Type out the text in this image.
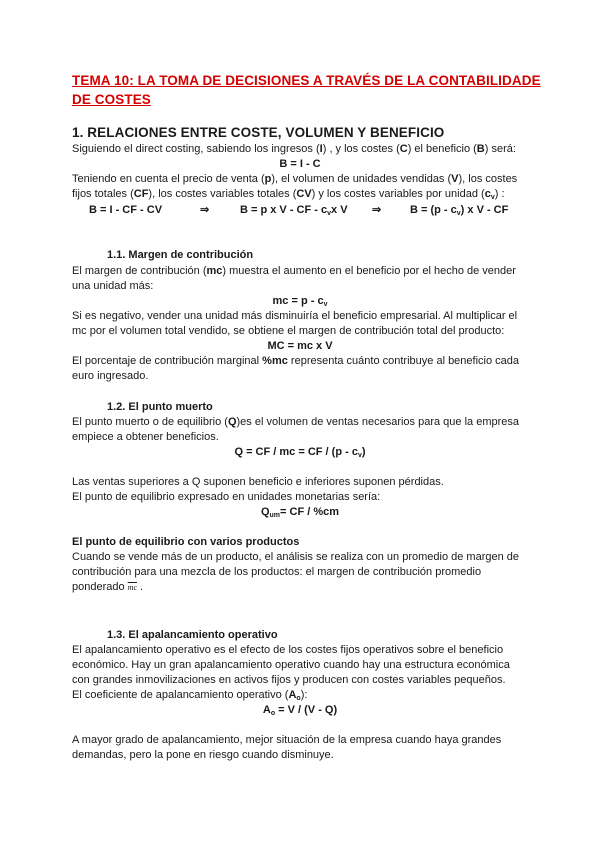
TEMA 10: LA TOMA DE DECISIONES A TRAVÉS DE LA CONTABILIDADE
DE COSTES
1. RELACIONES ENTRE COSTE, VOLUMEN Y BENEFICIO
Siguiendo el direct costing, sabiendo los ingresos (I) , y los costes (C) el beneficio (B) será:
B = I - C
Teniendo en cuenta el precio de venta (p), el volumen de unidades vendidas (V), los costes
fijos totales (CF), los costes variables totales (CV) y los costes variables por unidad $(c_v)$ :
B = I - CF - CV	⇒	B = p x V - CF - $c_vx$ V ⇒	$B = (p - c_v)$ x V - CF
1.1. Margen de contribución
El margen de contribución (mc) muestra el aumento en el beneficio por el hecho de vender
una unidad más:
mc = p - $c_v$
Si es negativo, vender una unidad más disminuiría el beneficio empresarial. Al multiplicar el
mc por el volumen total vendido, se obtiene el margen de contribución total del producto:
MC = mc x V
El porcentaje de contribución marginal %mc representa cuánto contribuye al beneficio cada
euro ingresado.
1.2. El punto muerto
El punto muerto o de equilibrio (Q)es el volumen de ventas necesarios para que la empresa
empiece a obtener beneficios.
Q = CF / mc = CF / $(p - c_v)$
Las ventas superiores a Q suponen beneficio e inferiores suponen pérdidas.
El punto de equilibrio expresado en unidades monetarias sería:
$Q_{um}=$ CF / %cm
El punto de equilibrio con varios productos
Cuando se vende más de un producto, el análisis se realiza con un promedio de margen de
contribución para una mezcla de los productos: el margen de contribución promedio
ponderado $\overline{mc}$ .
1.3. El apalancamiento operativo
El apalancamiento operativo es el efecto de los costes fijos operativos sobre el beneficio
económico. Hay un gran apalancamiento operativo cuando hay una estructura económica
con grandes inmovilizaciones en activos fijos y producen con costes variables pequeños.
El coeficiente de apalancamiento operativo $(A_o)$:
$A_o = V / (V - Q)$
A mayor grado de apalancamiento, mejor situación de la empresa cuando haya grandes
demandas, pero la pone en riesgo cuando disminuye.
